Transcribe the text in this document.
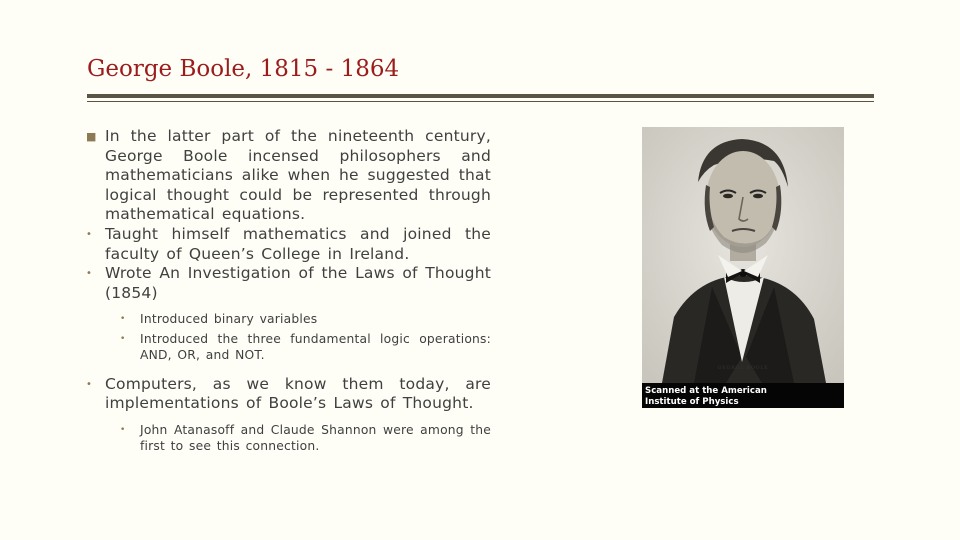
George Boole, 1815 - 1864
■ In the latter part of the nineteenth century, George Boole incensed philosophers and mathematicians alike when he suggested that logical thought could be represented through mathematical equations.
• Taught himself mathematics and joined the faculty of Queen’s College in Ireland.
• Wrote An Investigation of the Laws of Thought (1854)
• Introduced binary variables
• Introduced the three fundamental logic operations: AND, OR, and NOT.
• Computers, as we know them today, are implementations of Boole’s Laws of Thought.
• John Atanasoff and Claude Shannon were among the first to see this connection.
GEORGE BOOLE
Scanned at the American
Institute of Physics
